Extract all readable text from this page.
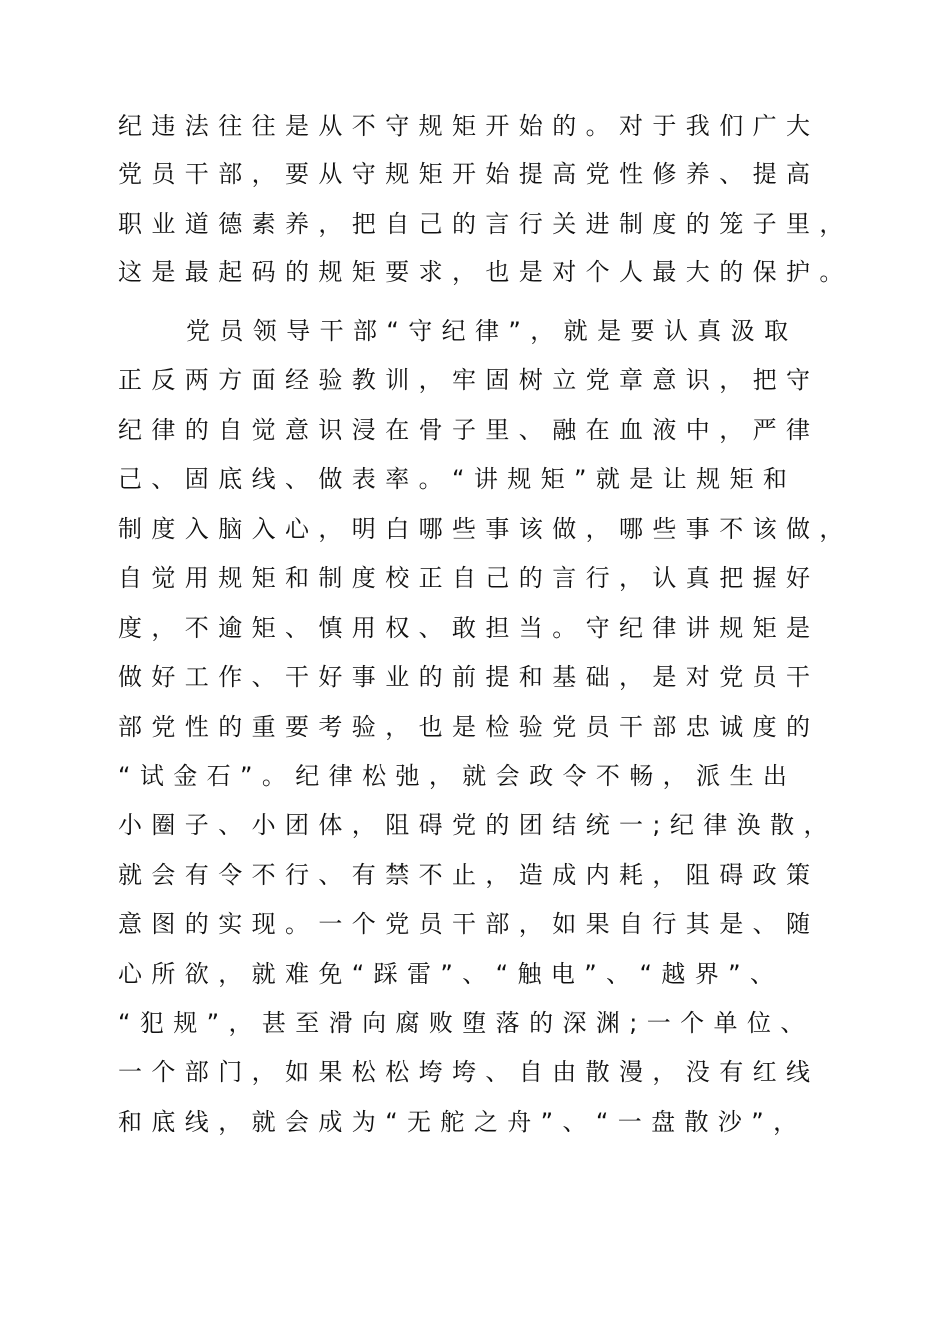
纪违法往往是从不守规矩开始的。对于我们广大
党员干部，要从守规矩开始提高党性修养、提高
职业道德素养，把自己的言行关进制度的笼子里，
这是最起码的规矩要求，也是对个人最大的保护。
党员领导干部“守纪律”，就是要认真汲取
正反两方面经验教训，牢固树立党章意识，把守
纪律的自觉意识浸在骨子里、融在血液中，严律
己、固底线、做表率。“讲规矩”就是让规矩和
制度入脑入心，明白哪些事该做，哪些事不该做，
自觉用规矩和制度校正自己的言行，认真把握好
度，不逾矩、慎用权、敢担当。守纪律讲规矩是
做好工作、干好事业的前提和基础，是对党员干
部党性的重要考验，也是检验党员干部忠诚度的
“试金石”。纪律松弛，就会政令不畅，派生出
小圈子、小团体，阻碍党的团结统一;纪律涣散，
就会有令不行、有禁不止，造成内耗，阻碍政策
意图的实现。一个党员干部，如果自行其是、随
心所欲，就难免“踩雷”、“触电”、“越界”、
“犯规”，甚至滑向腐败堕落的深渊;一个单位、
一个部门，如果松松垮垮、自由散漫，没有红线
和底线，就会成为“无舵之舟”、“一盘散沙”，
